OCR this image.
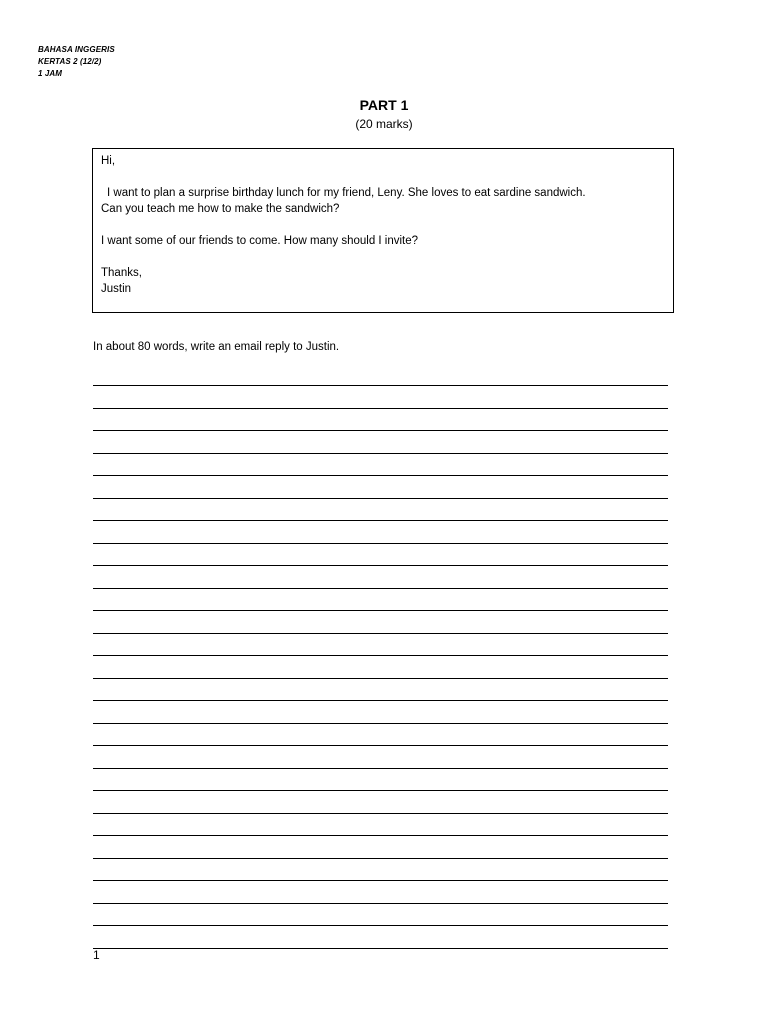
BAHASA INGGERIS
KERTAS 2 (12/2)
1 JAM
PART 1
(20 marks)
Hi,
I want to plan a surprise birthday lunch for my friend, Leny. She loves to eat sardine sandwich.
Can you teach me how to make the sandwich?
I want some of our friends to come. How many should I invite?
Thanks,
Justin
In about 80 words, write an email reply to Justin.
1
